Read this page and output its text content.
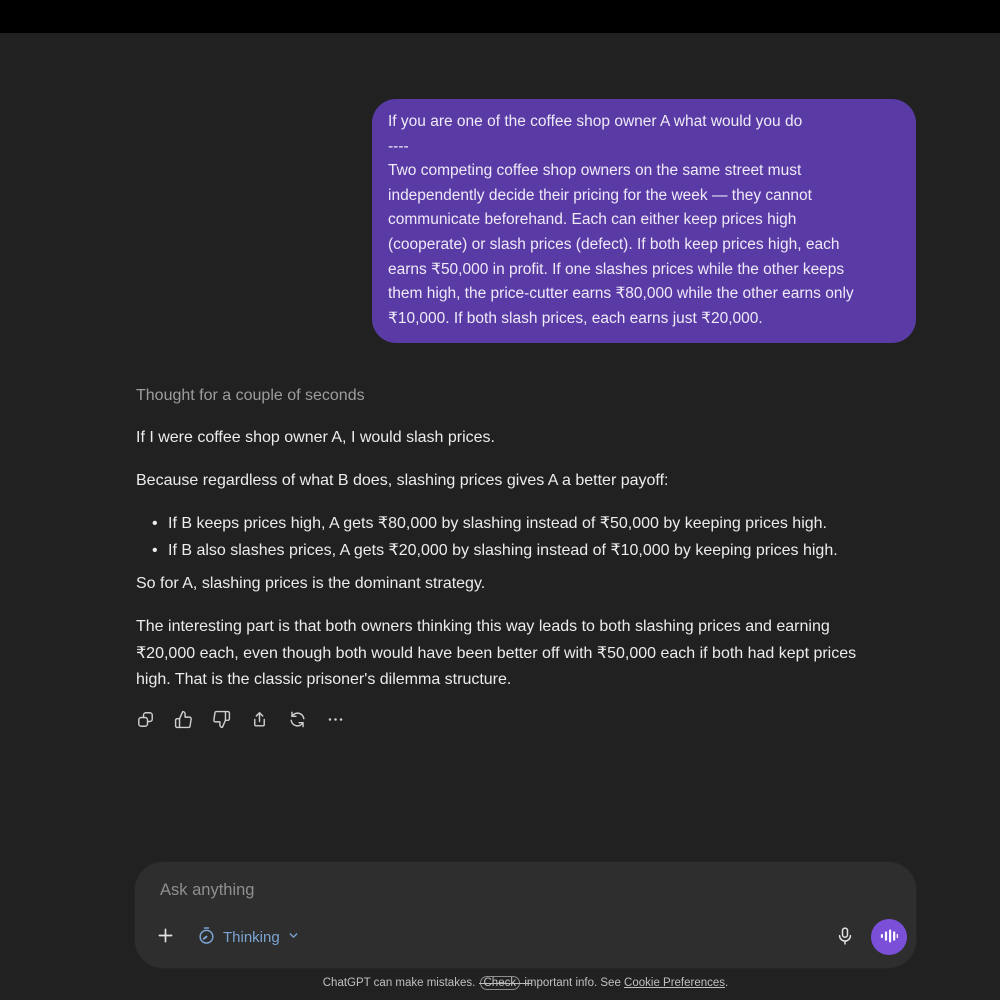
If you are one of the coffee shop owner A what would you do
----
Two competing coffee shop owners on the same street must
independently decide their pricing for the week — they cannot
communicate beforehand. Each can either keep prices high
(cooperate) or slash prices (defect). If both keep prices high, each
earns ₹50,000 in profit. If one slashes prices while the other keeps
them high, the price-cutter earns ₹80,000 while the other earns only
₹10,000. If both slash prices, each earns just ₹20,000.
Thought for a couple of seconds

If I were coffee shop owner A, I would slash prices.

Because regardless of what B does, slashing prices gives A a better payoff:

• If B keeps prices high, A gets ₹80,000 by slashing instead of ₹50,000 by keeping prices high.
• If B also slashes prices, A gets ₹20,000 by slashing instead of ₹10,000 by keeping prices high.

So for A, slashing prices is the dominant strategy.

The interesting part is that both owners thinking this way leads to both slashing prices and earning
₹20,000 each, even though both would have been better off with ₹50,000 each if both had kept prices
high. That is the classic prisoner's dilemma structure.
Ask anything
Thinking
ChatGPT can make mistakes. Check important info. See Cookie Preferences.
